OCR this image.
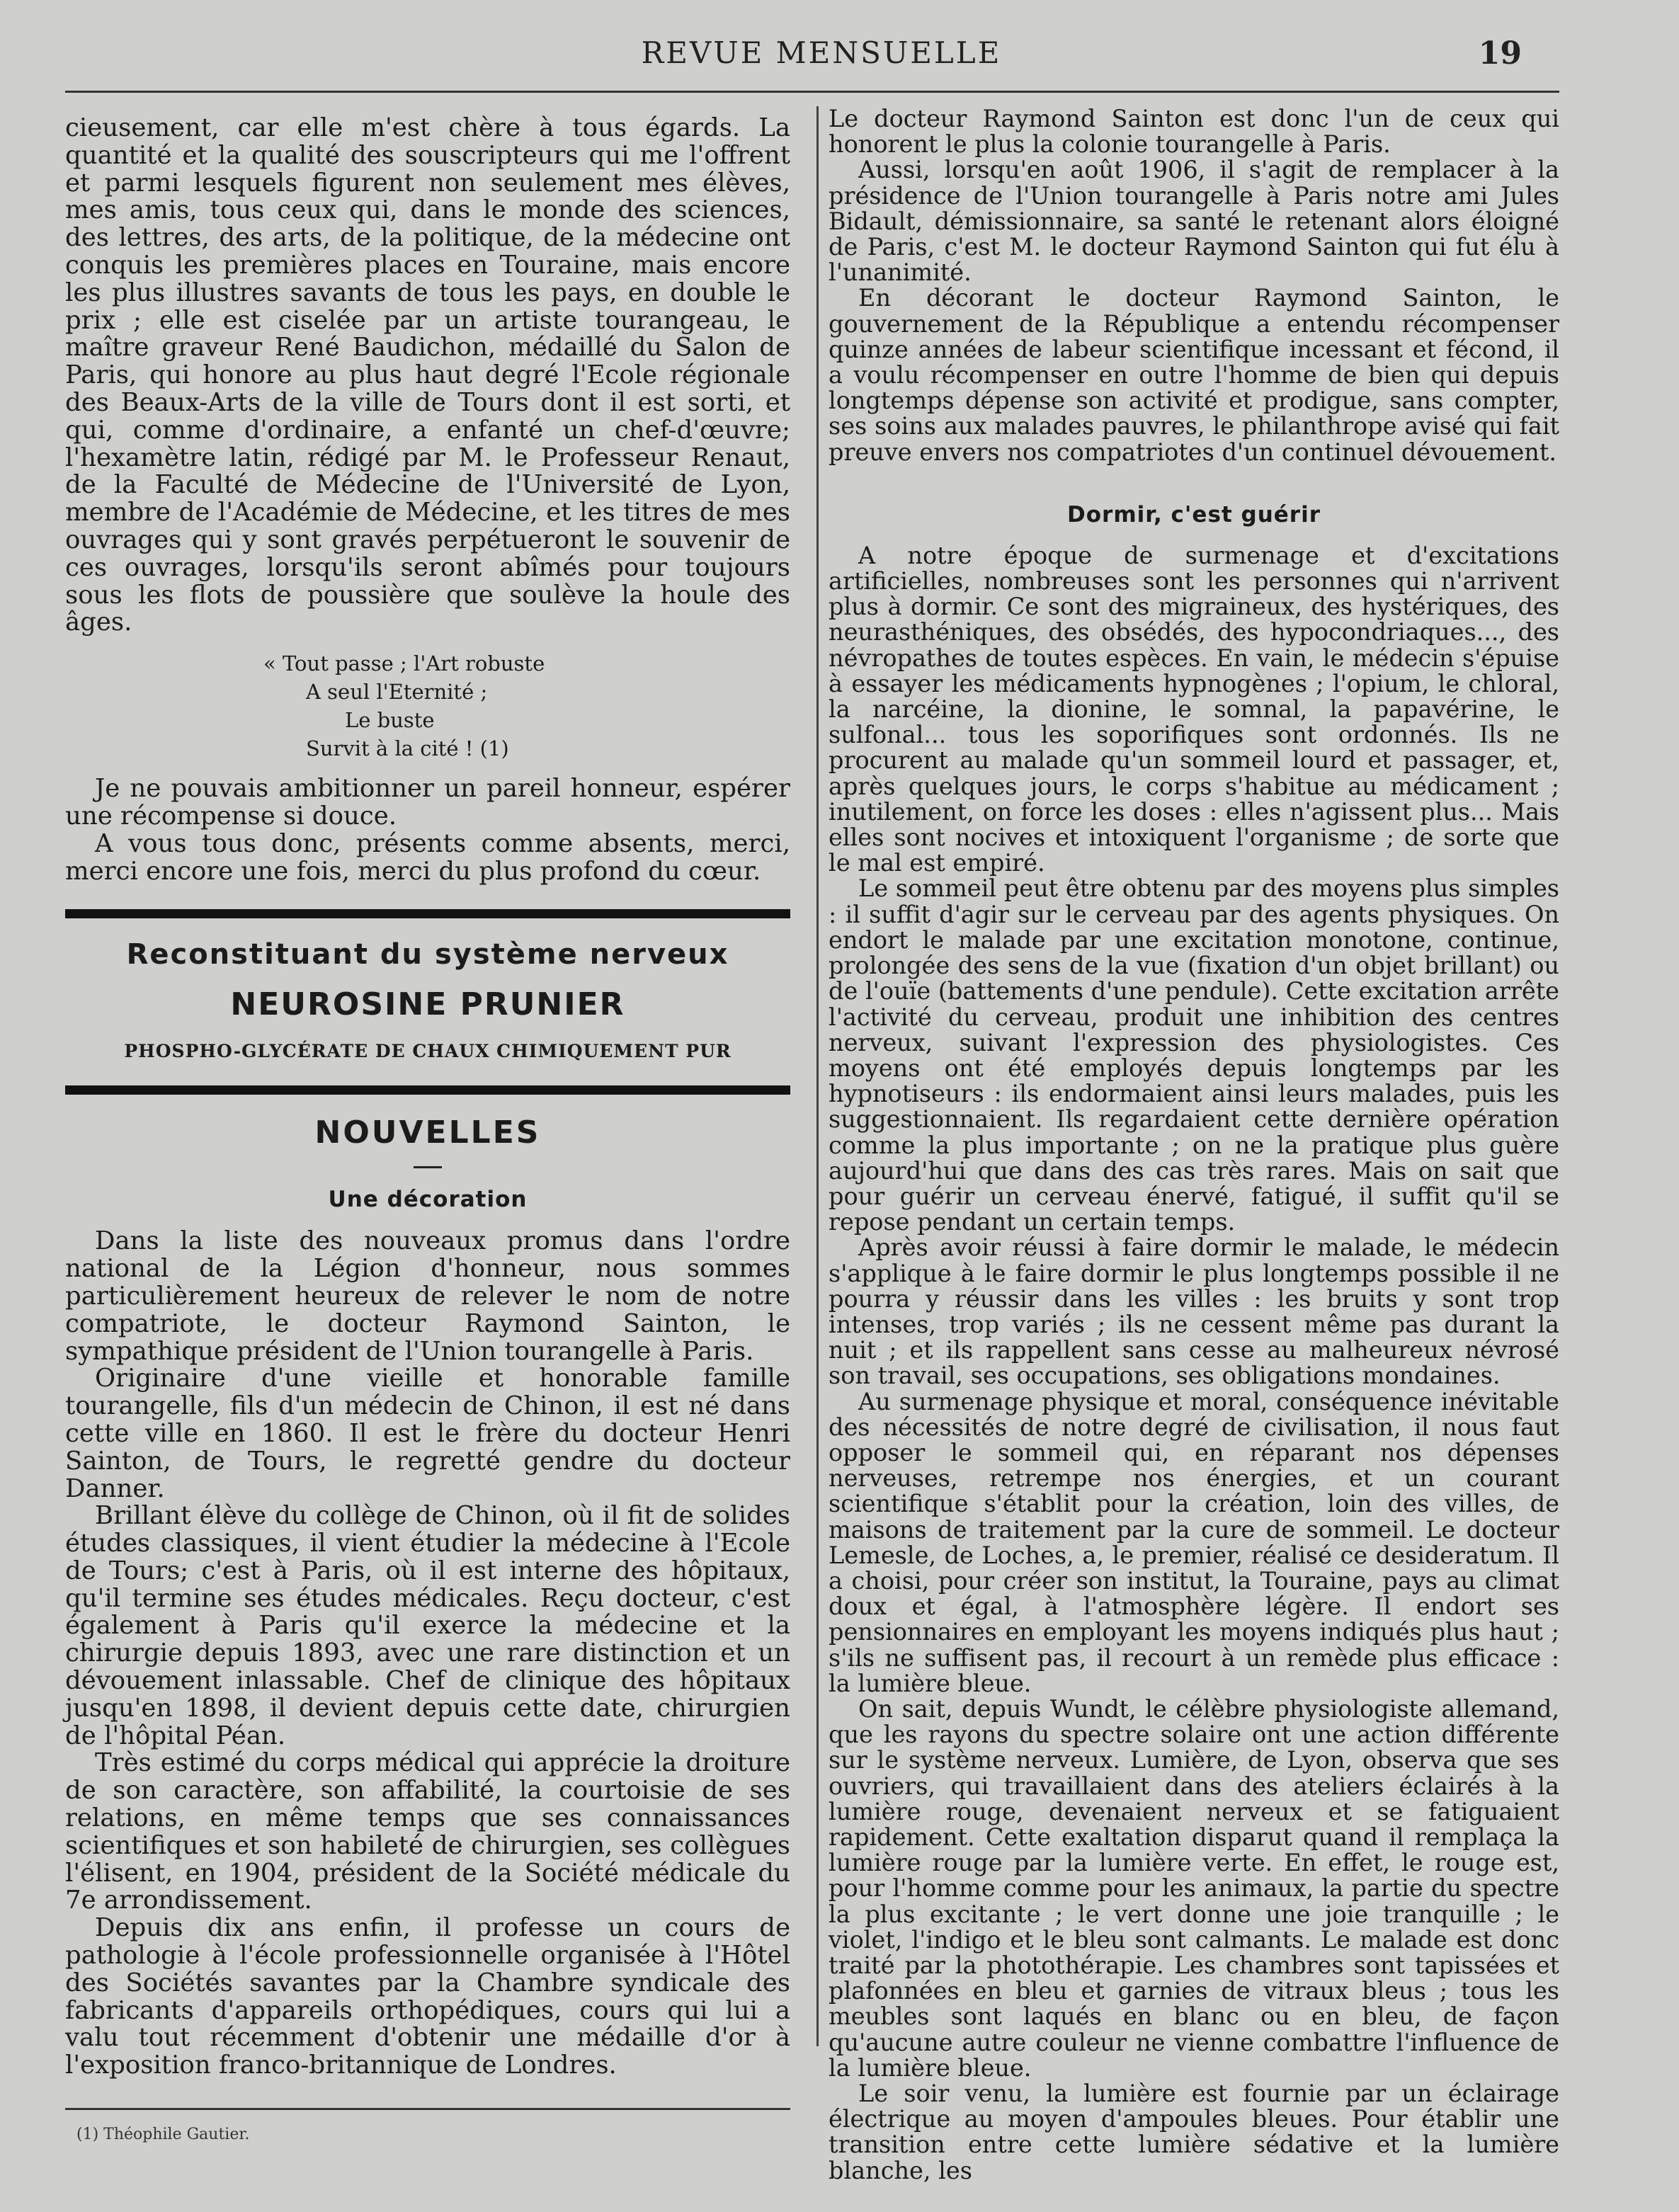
REVUE MENSUELLE	19

cieusement, car elle m'est chère à tous égards. La quantité et la qualité des souscripteurs qui me l'offrent et parmi lesquels figurent non seulement mes élèves, mes amis, tous ceux qui, dans le monde des sciences, des lettres, des arts, de la politique, de la médecine ont conquis les premières places en Touraine, mais encore les plus illustres savants de tous les pays, en double le prix ; elle est ciselée par un artiste tourangeau, le maître graveur René Baudichon, médaillé du Salon de Paris, qui honore au plus haut degré l'Ecole régionale des Beaux-Arts de la ville de Tours dont il est sorti, et qui, comme d'ordinaire, a enfanté un chef-d'œuvre; l'hexamètre latin, rédigé par M. le Professeur Renaut, de la Faculté de Médecine de l'Université de Lyon, membre de l'Académie de Médecine, et les titres de mes ouvrages qui y sont gravés perpétueront le souvenir de ces ouvrages, lorsqu'ils seront abîmés pour toujours sous les flots de poussière que soulève la houle des âges.

« Tout passe ; l'Art robuste
A seul l'Eternité ;
Le buste
Survit à la cité ! (1)

Je ne pouvais ambitionner un pareil honneur, espérer une récompense si douce.

A vous tous donc, présents comme absents, merci, merci encore une fois, merci du plus profond du cœur.

Reconstituant du système nerveux
NEUROSINE PRUNIER
PHOSPHO-GLYCÉRATE DE CHAUX CHIMIQUEMENT PUR
NOUVELLES
Une décoration

Dans la liste des nouveaux promus dans l'ordre national de la Légion d'honneur, nous sommes particulièrement heureux de relever le nom de notre compatriote, le docteur Raymond Sainton, le sympathique président de l'Union tourangelle à Paris.

Originaire d'une vieille et honorable famille tourangelle, fils d'un médecin de Chinon, il est né dans cette ville en 1860. Il est le frère du docteur Henri Sainton, de Tours, le regretté gendre du docteur Danner.

Brillant élève du collège de Chinon, où il fit de solides études classiques, il vient étudier la médecine à l'Ecole de Tours; c'est à Paris, où il est interne des hôpitaux, qu'il termine ses études médicales. Reçu docteur, c'est également à Paris qu'il exerce la médecine et la chirurgie depuis 1893, avec une rare distinction et un dévouement inlassable. Chef de clinique des hôpitaux jusqu'en 1898, il devient depuis cette date, chirurgien de l'hôpital Péan.

Très estimé du corps médical qui apprécie la droiture de son caractère, son affabilité, la courtoisie de ses relations, en même temps que ses connaissances scientifiques et son habileté de chirurgien, ses collègues l'élisent, en 1904, président de la Société médicale du 7e arrondissement.

Depuis dix ans enfin, il professe un cours de pathologie à l'école professionnelle organisée à l'Hôtel des Sociétés savantes par la Chambre syndicale des fabricants d'appareils orthopédiques, cours qui lui a valu tout récemment d'obtenir une médaille d'or à l'exposition franco-britannique de Londres.

(1) Théophile Gautier.

Le docteur Raymond Sainton est donc l'un de ceux qui honorent le plus la colonie tourangelle à Paris.

Aussi, lorsqu'en août 1906, il s'agit de remplacer à la présidence de l'Union tourangelle à Paris notre ami Jules Bidault, démissionnaire, sa santé le retenant alors éloigné de Paris, c'est M. le docteur Raymond Sainton qui fut élu à l'unanimité.

En décorant le docteur Raymond Sainton, le gouvernement de la République a entendu récompenser quinze années de labeur scientifique incessant et fécond, il a voulu récompenser en outre l'homme de bien qui depuis longtemps dépense son activité et prodigue, sans compter, ses soins aux malades pauvres, le philanthrope avisé qui fait preuve envers nos compatriotes d'un continuel dévouement.

Dormir, c'est guérir

A notre époque de surmenage et d'excitations artificielles, nombreuses sont les personnes qui n'arrivent plus à dormir. Ce sont des migraineux, des hystériques, des neurasthéniques, des obsédés, des hypocondriaques..., des névropathes de toutes espèces. En vain, le médecin s'épuise à essayer les médicaments hypnogènes ; l'opium, le chloral, la narcéine, la dionine, le somnal, la papavérine, le sulfonal... tous les soporifiques sont ordonnés. Ils ne procurent au malade qu'un sommeil lourd et passager, et, après quelques jours, le corps s'habitue au médicament ; inutilement, on force les doses : elles n'agissent plus... Mais elles sont nocives et intoxiquent l'organisme ; de sorte que le mal est empiré.

Le sommeil peut être obtenu par des moyens plus simples : il suffit d'agir sur le cerveau par des agents physiques. On endort le malade par une excitation monotone, continue, prolongée des sens de la vue (fixation d'un objet brillant) ou de l'ouïe (battements d'une pendule). Cette excitation arrête l'activité du cerveau, produit une inhibition des centres nerveux, suivant l'expression des physiologistes. Ces moyens ont été employés depuis longtemps par les hypnotiseurs : ils endormaient ainsi leurs malades, puis les suggestionnaient. Ils regardaient cette dernière opération comme la plus importante ; on ne la pratique plus guère aujourd'hui que dans des cas très rares. Mais on sait que pour guérir un cerveau énervé, fatigué, il suffit qu'il se repose pendant un certain temps.

Après avoir réussi à faire dormir le malade, le médecin s'applique à le faire dormir le plus longtemps possible il ne pourra y réussir dans les villes : les bruits y sont trop intenses, trop variés ; ils ne cessent même pas durant la nuit ; et ils rappellent sans cesse au malheureux névrosé son travail, ses occupations, ses obligations mondaines.

Au surmenage physique et moral, conséquence inévitable des nécessités de notre degré de civilisation, il nous faut opposer le sommeil qui, en réparant nos dépenses nerveuses, retrempe nos énergies, et un courant scientifique s'établit pour la création, loin des villes, de maisons de traitement par la cure de sommeil. Le docteur Lemesle, de Loches, a, le premier, réalisé ce desideratum. Il a choisi, pour créer son institut, la Touraine, pays au climat doux et égal, à l'atmosphère légère. Il endort ses pensionnaires en employant les moyens indiqués plus haut ; s'ils ne suffisent pas, il recourt à un remède plus efficace : la lumière bleue.

On sait, depuis Wundt, le célèbre physiologiste allemand, que les rayons du spectre solaire ont une action différente sur le système nerveux. Lumière, de Lyon, observa que ses ouvriers, qui travaillaient dans des ateliers éclairés à la lumière rouge, devenaient nerveux et se fatiguaient rapidement. Cette exaltation disparut quand il remplaça la lumière rouge par la lumière verte. En effet, le rouge est, pour l'homme comme pour les animaux, la partie du spectre la plus excitante ; le vert donne une joie tranquille ; le violet, l'indigo et le bleu sont calmants. Le malade est donc traité par la photothérapie. Les chambres sont tapissées et plafonnées en bleu et garnies de vitraux bleus ; tous les meubles sont laqués en blanc ou en bleu, de façon qu'aucune autre couleur ne vienne combattre l'influence de la lumière bleue.

Le soir venu, la lumière est fournie par un éclairage électrique au moyen d'ampoules bleues. Pour établir une transition entre cette lumière sédative et la lumière blanche, les
